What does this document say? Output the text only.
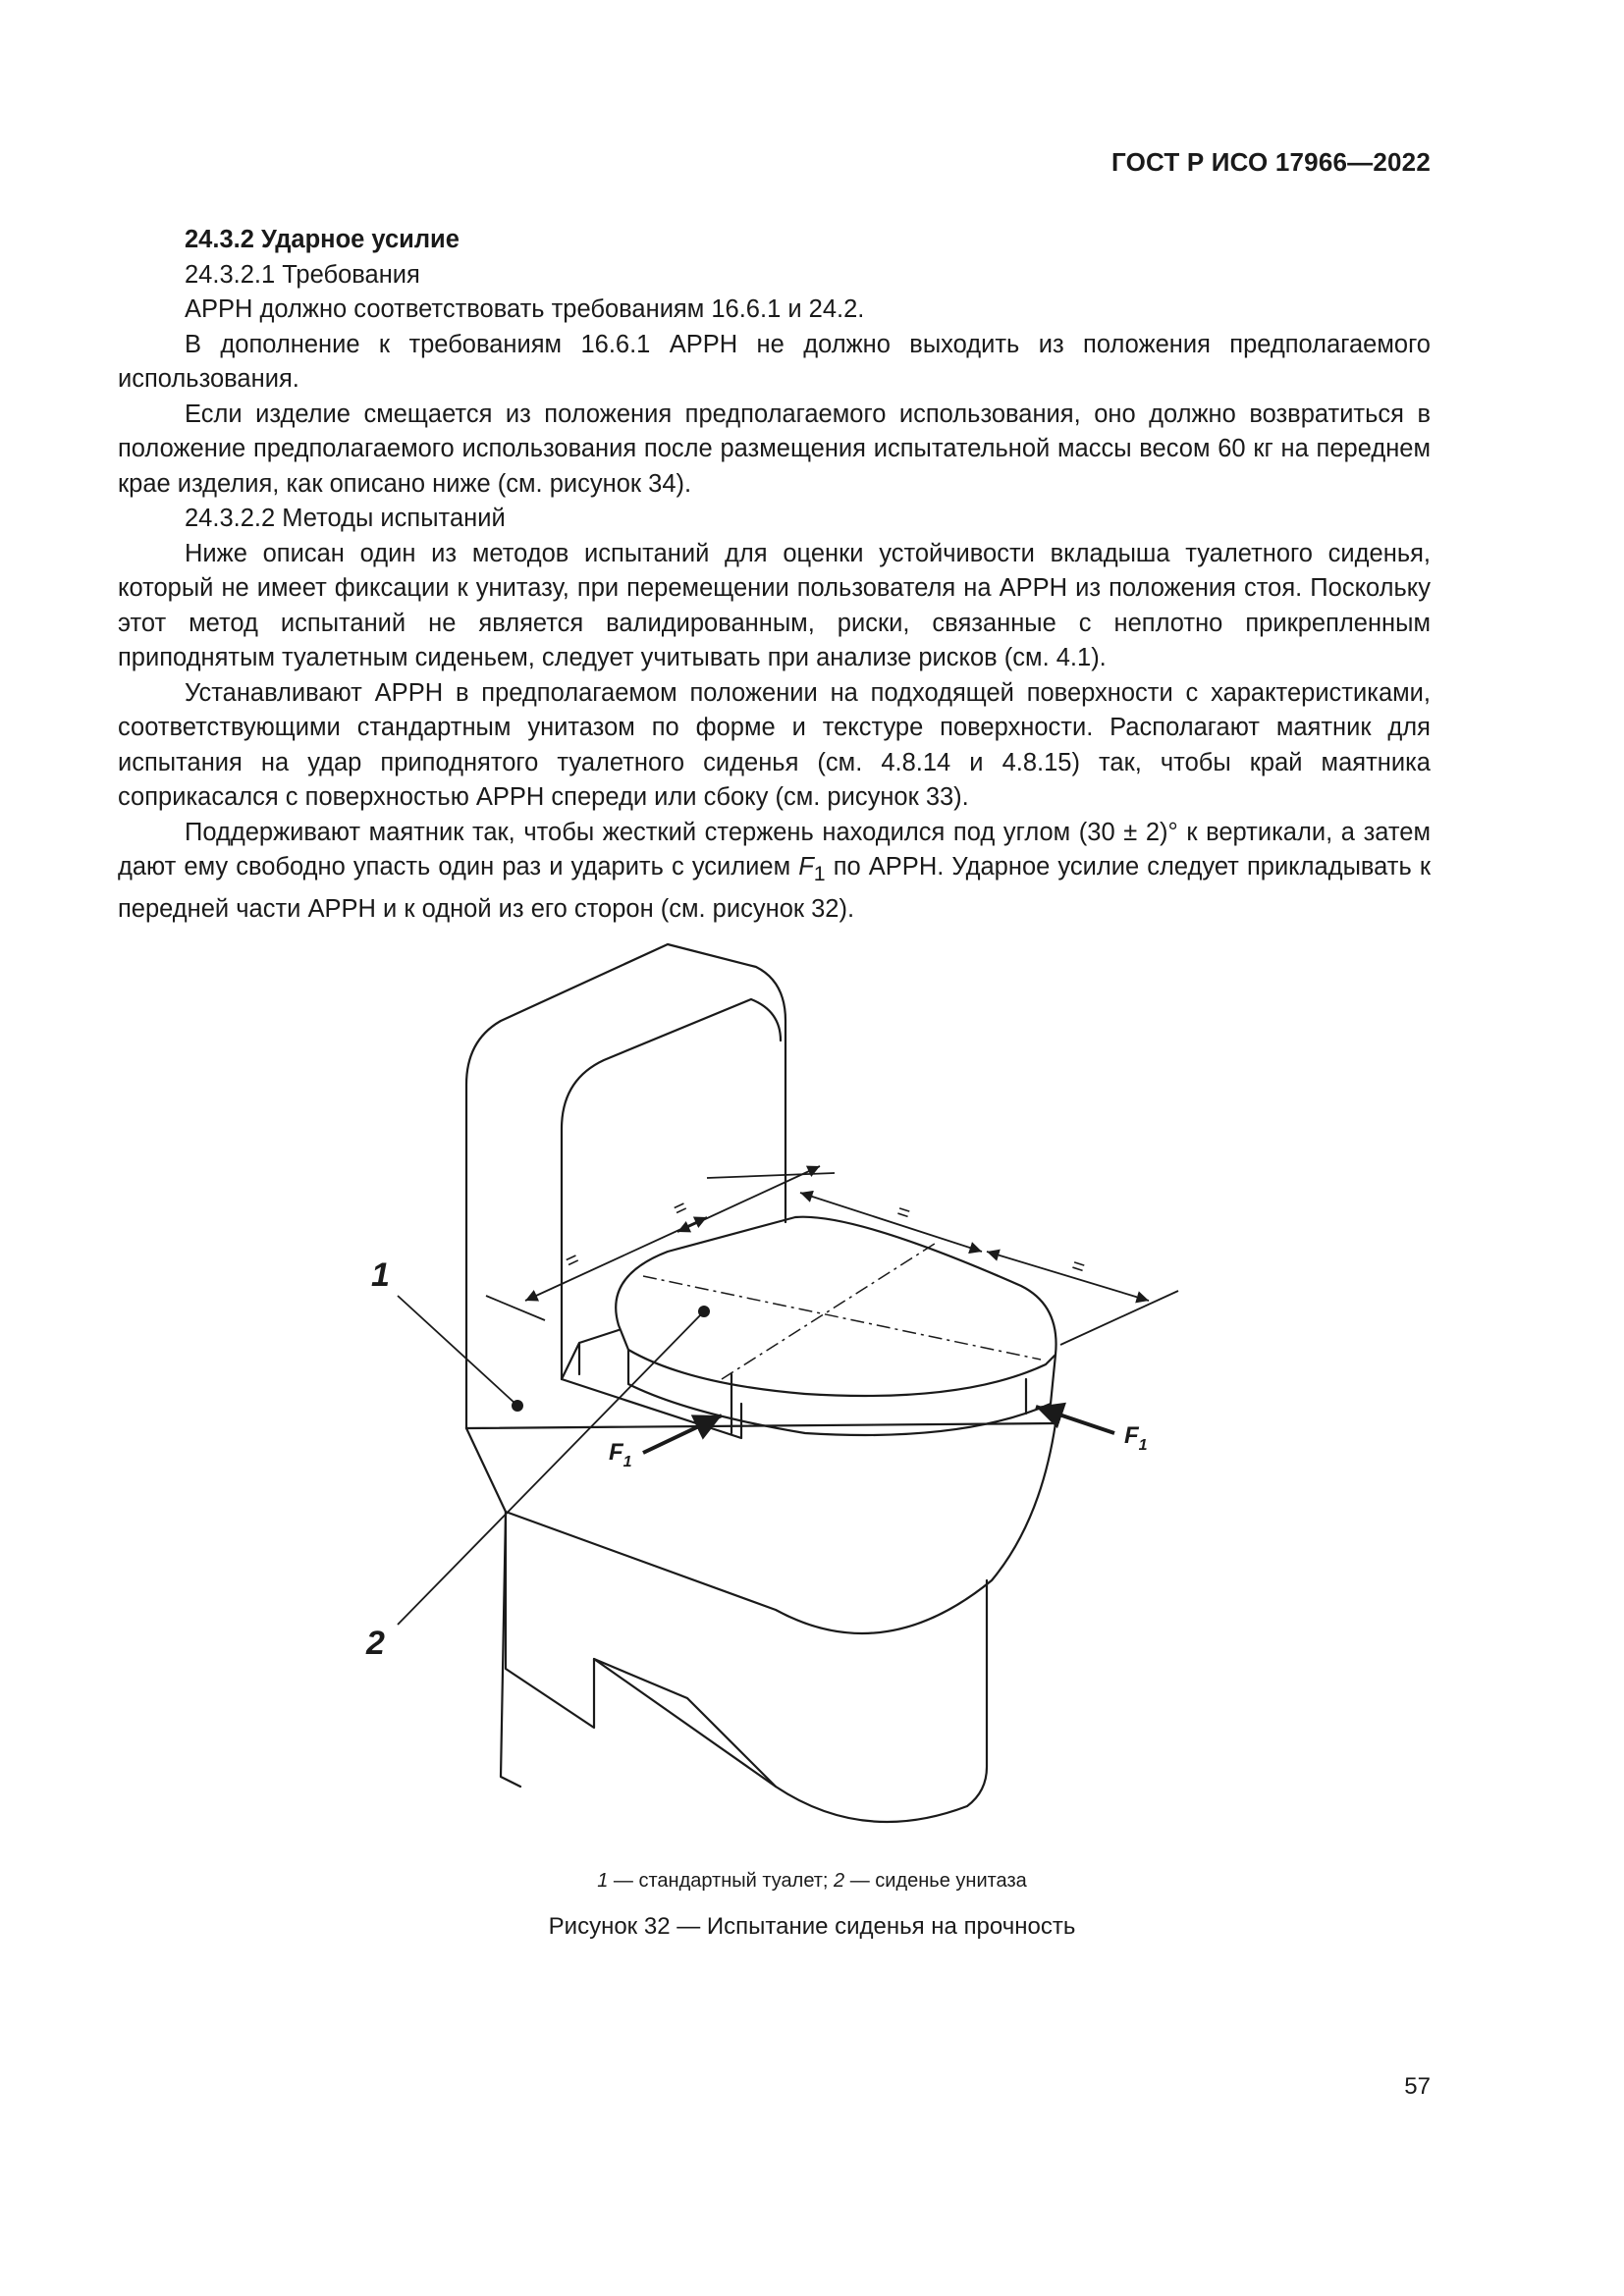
ГОСТ Р ИСО 17966—2022

24.3.2 Ударное усилие

24.3.2.1 Требования

APPH должно соответствовать требованиям 16.6.1 и 24.2.

В дополнение к требованиям 16.6.1 APPH не должно выходить из положения предполагаемого использования.

Если изделие смещается из положения предполагаемого использования, оно должно возвратиться в положение предполагаемого использования после размещения испытательной массы весом 60 кг на переднем крае изделия, как описано ниже (см. рисунок 34).

24.3.2.2 Методы испытаний

Ниже описан один из методов испытаний для оценки устойчивости вкладыша туалетного сиденья, который не имеет фиксации к унитазу, при перемещении пользователя на APPH из положения стоя. Поскольку этот метод испытаний не является валидированным, риски, связанные с неплотно прикрепленным приподнятым туалетным сиденьем, следует учитывать при анализе рисков (см. 4.1).

Устанавливают APPH в предполагаемом положении на подходящей поверхности с характеристиками, соответствующими стандартным унитазом по форме и текстуре поверхности. Располагают маятник для испытания на удар приподнятого туалетного сиденья (см. 4.8.14 и 4.8.15) так, чтобы край маятника соприкасался с поверхностью APPH спереди или сбоку (см. рисунок 33).

Поддерживают маятник так, чтобы жесткий стержень находился под углом (30 ± 2)° к вертикали, а затем дают ему свободно упасть один раз и ударить с усилием $F_1$ по APPH. Ударное усилие следует прикладывать к передней части APPH и к одной из его сторон (см. рисунок 32).

1
2
$F_1$
$F_1$
=
=	=
=
1 — стандартный туалет; 2 — сиденье унитаза
Рисунок 32 — Испытание сиденья на прочность
57
